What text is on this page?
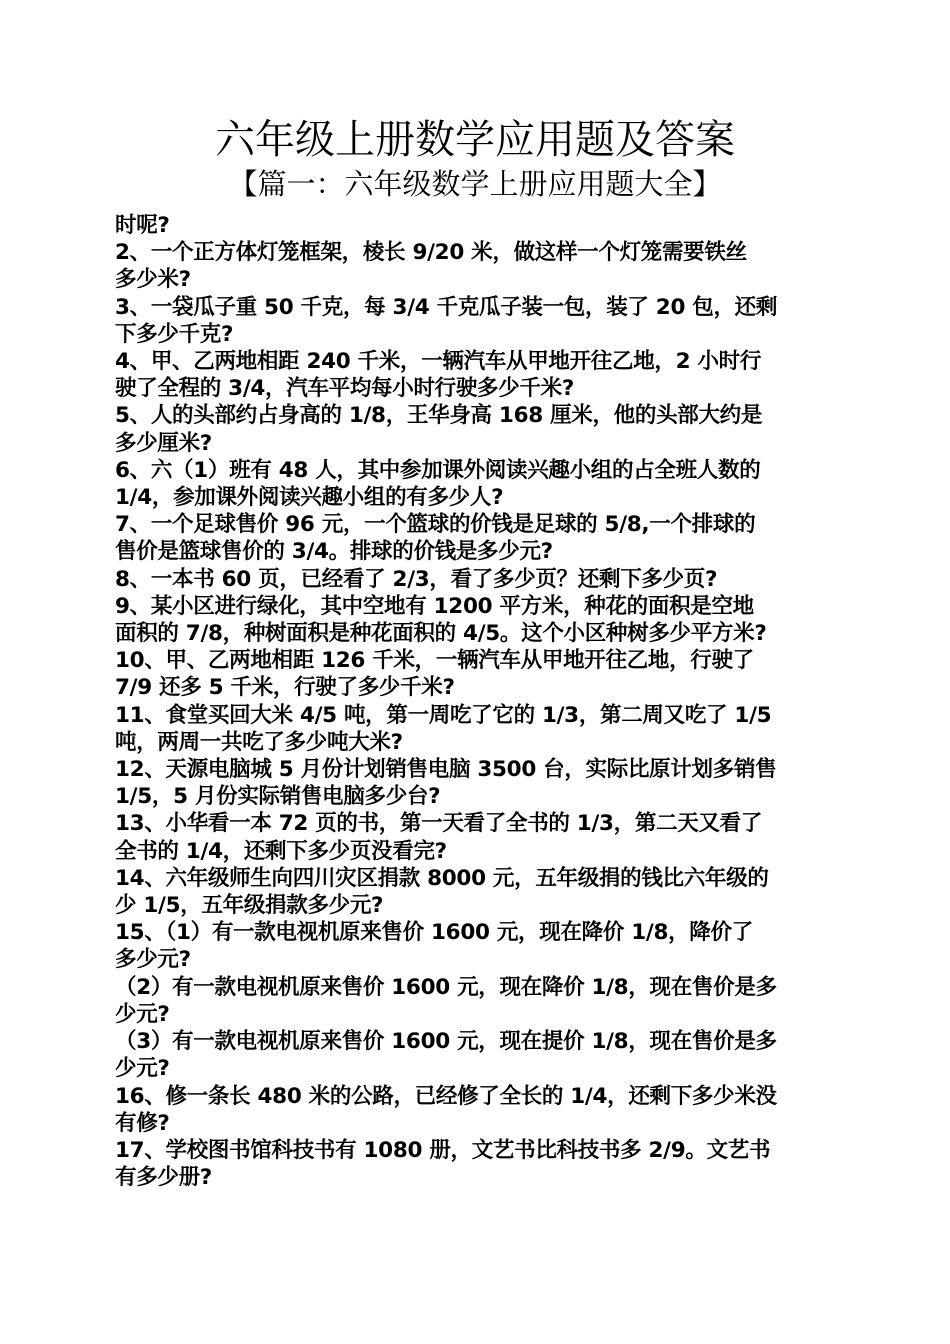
六年级上册数学应用题及答案
【篇一：六年级数学上册应用题大全】

时呢?

2、一个正方体灯笼框架，棱长 9/20 米，做这样一个灯笼需要铁丝

多少米?

3、一袋瓜子重 50 千克，每 3/4 千克瓜子装一包，装了 20 包，还剩

下多少千克?

4、甲、乙两地相距 240 千米，一辆汽车从甲地开往乙地，2 小时行

驶了全程的 3/4，汽车平均每小时行驶多少千米?

5、人的头部约占身高的 1/8，王华身高 168 厘米，他的头部大约是

多少厘米?

6、六（1）班有 48 人，其中参加课外阅读兴趣小组的占全班人数的

1/4，参加课外阅读兴趣小组的有多少人?

7、一个足球售价 96 元，一个篮球的价钱是足球的 5/8,一个排球的

售价是篮球售价的 3/4。排球的价钱是多少元?

8、一本书 60 页，已经看了 2/3，看了多少页？还剩下多少页?

9、某小区进行绿化，其中空地有 1200 平方米，种花的面积是空地

面积的 7/8，种树面积是种花面积的 4/5。这个小区种树多少平方米?

10、甲、乙两地相距 126 千米，一辆汽车从甲地开往乙地，行驶了

7/9 还多 5 千米，行驶了多少千米?

11、食堂买回大米 4/5 吨，第一周吃了它的 1/3，第二周又吃了 1/5

吨，两周一共吃了多少吨大米?

12、天源电脑城 5 月份计划销售电脑 3500 台，实际比原计划多销售

1/5，5 月份实际销售电脑多少台?

13、小华看一本 72 页的书，第一天看了全书的 1/3，第二天又看了

全书的 1/4，还剩下多少页没看完?

14、六年级师生向四川灾区捐款 8000 元，五年级捐的钱比六年级的

少 1/5，五年级捐款多少元?

15、（1）有一款电视机原来售价 1600 元，现在降价 1/8，降价了

多少元?

（2）有一款电视机原来售价 1600 元，现在降价 1/8，现在售价是多

少元?

（3）有一款电视机原来售价 1600 元，现在提价 1/8，现在售价是多

少元?

16、修一条长 480 米的公路，已经修了全长的 1/4，还剩下多少米没

有修?

17、学校图书馆科技书有 1080 册，文艺书比科技书多 2/9。文艺书

有多少册?
